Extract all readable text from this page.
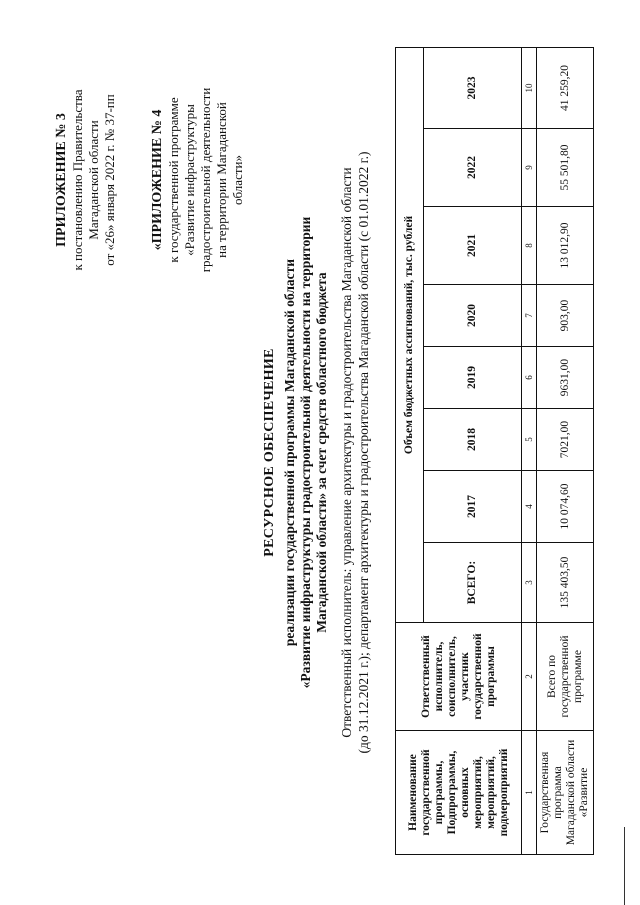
ПРИЛОЖЕНИЕ № 3 к постановлению Правительства Магаданской области от «26» января 2022 г. № 37-пп «ПРИЛОЖЕНИЕ № 4 к государственной программе «Развитие инфраструктуры градостроительной деятельности на территории Магаданской области»
РЕСУРСНОЕ ОБЕСПЕЧЕНИЕ реализации государственной программы Магаданской области «Развитие инфраструктуры градостроительной деятельности на территории Магаданской области» за счет средств областного бюджета Ответственный исполнитель: управление архитектуры и градостроительства Магаданской области (до 31.12.2021 г.); департамент архитектуры и градостроительства Магаданской области (с 01.01.2022 г.)
Наименование государственной программы, Подпрограммы, основных мероприятий, мероприятий, подмероприятий	Ответственный исполнитель, соисполнитель, участник государственной программы	Объем бюджетных ассигнований, тыс. рублей							
		ВСЕГО:	2017	2018	2019	2020	2021	2022	2023
1	2	3	4	5	6	7	8	9	10
Государственная программа Магаданской области «Развитие	Всего по государственной программе	135 403,50	10 074,60	7021,00	9631,00	903,00	13 012,90	55 501,80	41 259,20
